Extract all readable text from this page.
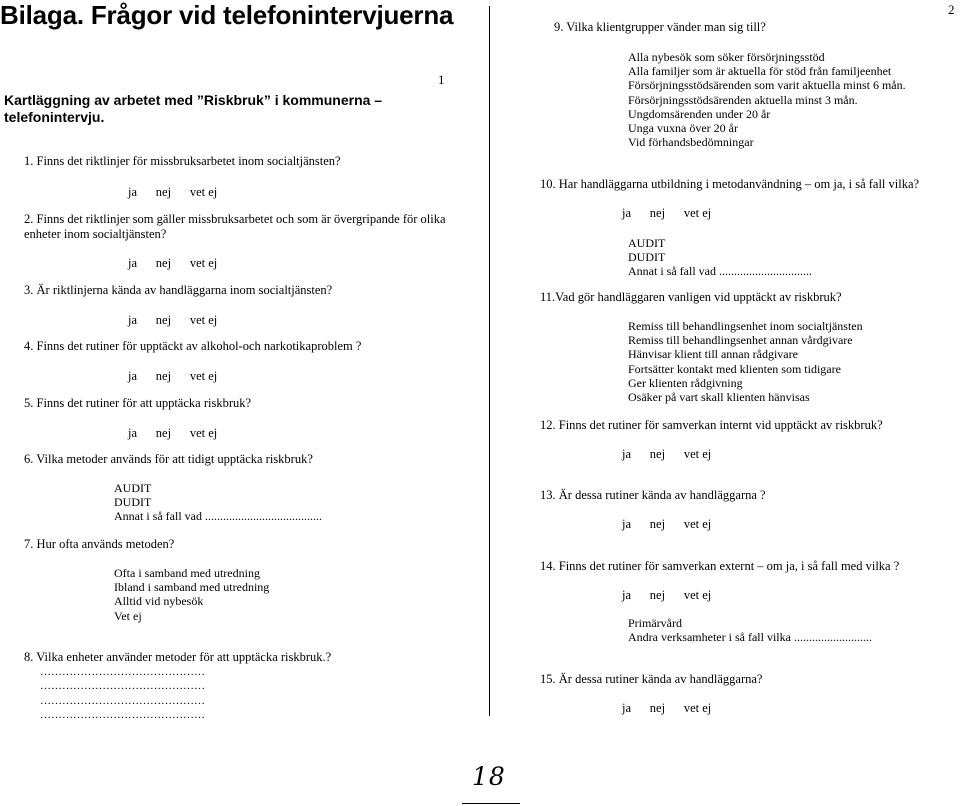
Bilaga. Frågor vid telefonintervjuerna
1
Kartläggning av arbetet med ”Riskbruk” i kommunerna – telefonintervju.
1. Finns det riktlinjer för missbruksarbetet inom socialtjänsten?
ja nej vet ej
2. Finns det riktlinjer som gäller missbruksarbetet och som är övergripande för olika enheter inom socialtjänsten?
ja nej vet ej
3. Är riktlinjerna kända av handläggarna inom socialtjänsten?
ja nej vet ej
4. Finns det rutiner för upptäckt av alkohol-och narkotikaproblem ?
ja nej vet ej
5. Finns det rutiner för att upptäcka riskbruk?
ja nej vet ej
6. Vilka metoder används för att tidigt upptäcka riskbruk?
AUDIT
DUDIT
Annat i så fall vad .......................................
7. Hur ofta används metoden?
Ofta i samband med utredning
Ibland i samband med utredning
Alltid vid nybesök
Vet ej
8. Vilka enheter använder metoder för att upptäcka riskbruk.?
………………………………………
………………………………………
………………………………………
………………………………………
2
9. Vilka klientgrupper vänder man sig till?
Alla nybesök som söker försörjningsstöd
Alla familjer som är aktuella för stöd från familjeenhet
Försörjningsstödsärenden som varit aktuella minst 6 mån.
Försörjningsstödsärenden aktuella minst 3 mån.
Ungdomsärenden under 20 år
Unga vuxna över 20 år
Vid förhandsbedömningar
10. Har handläggarna utbildning i metodanvändning – om ja, i så fall vilka?
ja nej vet ej
AUDIT
DUDIT
Annat i så fall vad ...............................
11.Vad gör handläggaren vanligen vid upptäckt av riskbruk?
Remiss till behandlingsenhet inom socialtjänsten
Remiss till behandlingsenhet annan vårdgivare
Hänvisar klient till annan rådgivare
Fortsätter kontakt med klienten som tidigare
Ger klienten rådgivning
Osäker på vart skall klienten hänvisas
12. Finns det rutiner för samverkan internt vid upptäckt av riskbruk?
ja nej vet ej
13. Är dessa rutiner kända av handläggarna ?
ja nej vet ej
14. Finns det rutiner för samverkan externt – om ja, i så fall med vilka ?
ja nej vet ej
Primärvård
Andra verksamheter i så fall vilka ..........................
15. Är dessa rutiner kända av handläggarna?
ja nej vet ej
18
